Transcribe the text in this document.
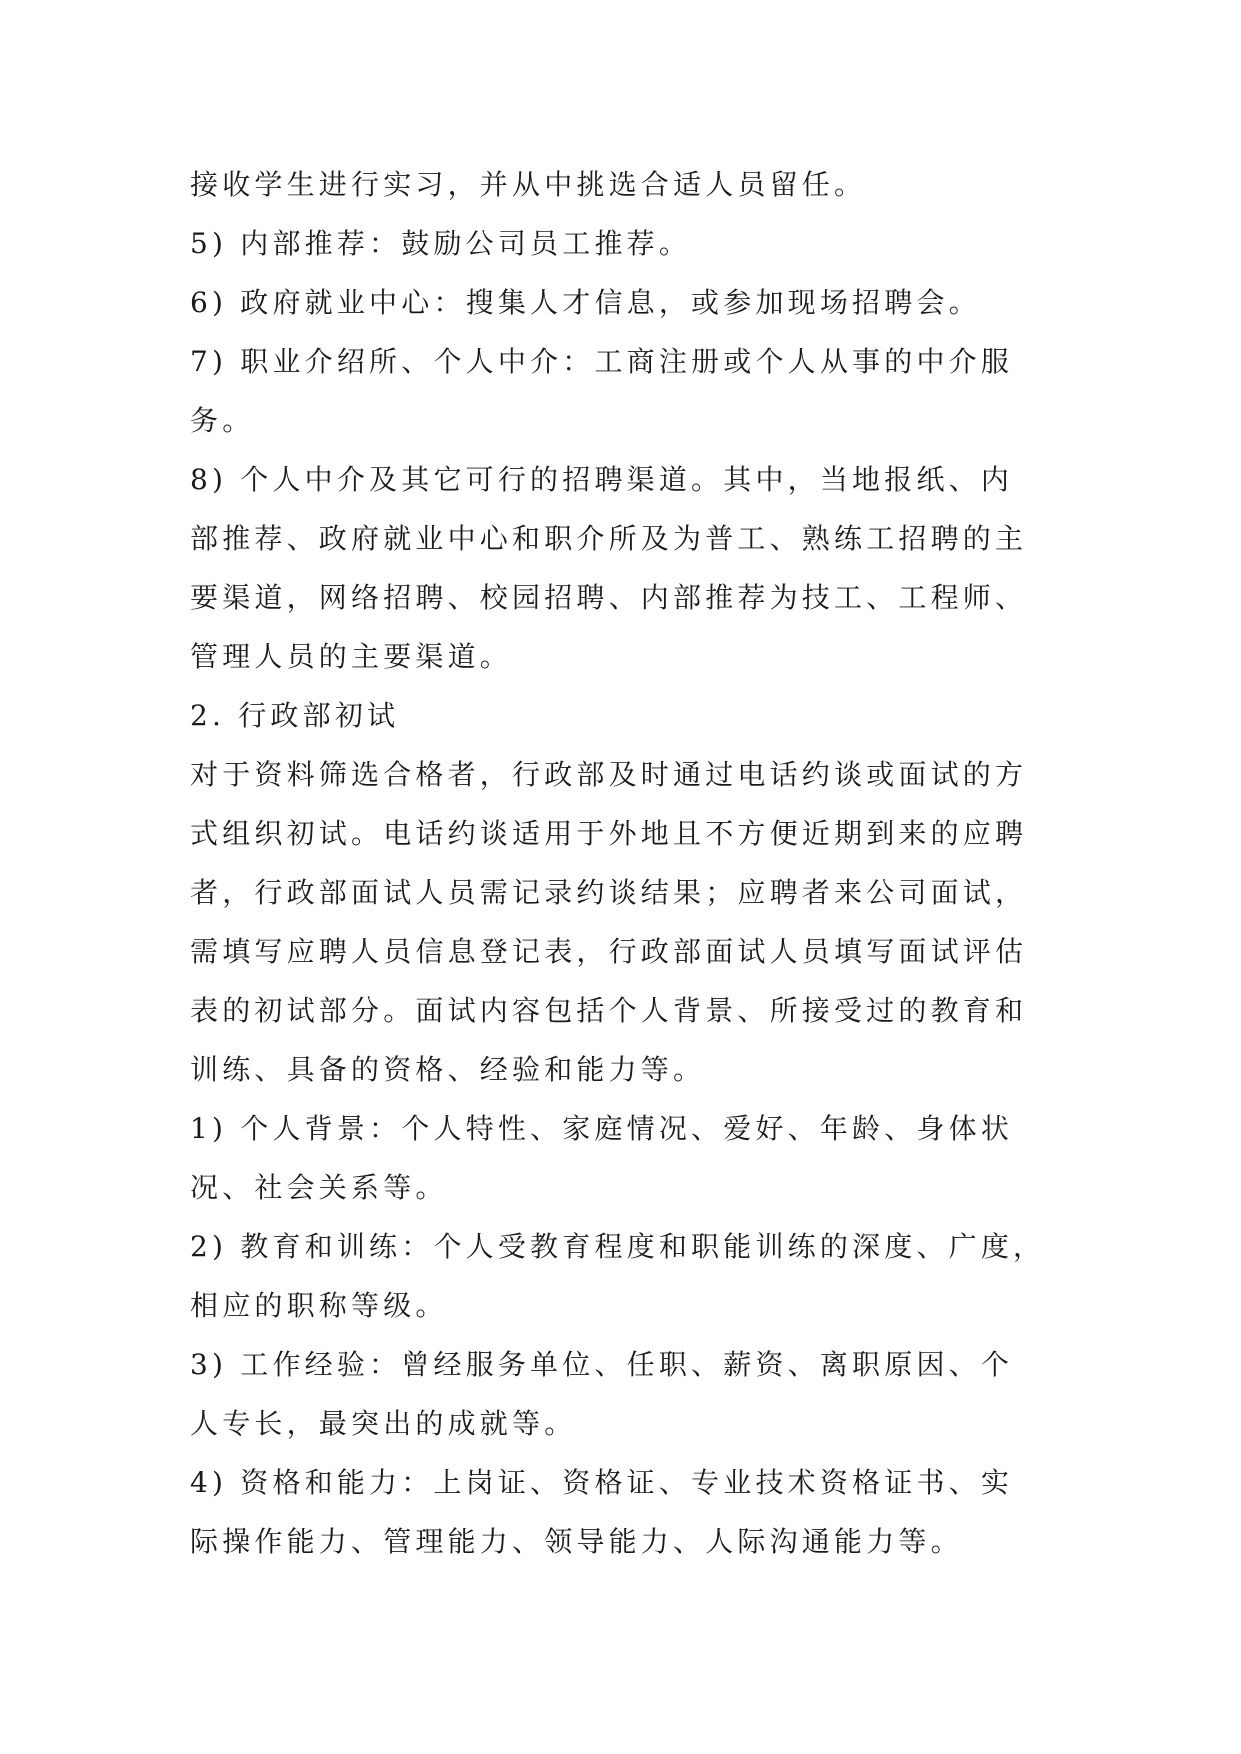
接收学生进行实习，并从中挑选合适人员留任。

5) 内部推荐：鼓励公司员工推荐。

6) 政府就业中心：搜集人才信息，或参加现场招聘会。

7) 职业介绍所、个人中介：工商注册或个人从事的中介服
务。

8) 个人中介及其它可行的招聘渠道。其中，当地报纸、内
部推荐、政府就业中心和职介所及为普工、熟练工招聘的主
要渠道，网络招聘、校园招聘、内部推荐为技工、工程师、
管理人员的主要渠道。

2. 行政部初试

对于资料筛选合格者，行政部及时通过电话约谈或面试的方
式组织初试。电话约谈适用于外地且不方便近期到来的应聘
者，行政部面试人员需记录约谈结果；应聘者来公司面试，
需填写应聘人员信息登记表，行政部面试人员填写面试评估
表的初试部分。面试内容包括个人背景、所接受过的教育和
训练、具备的资格、经验和能力等。

1) 个人背景：个人特性、家庭情况、爱好、年龄、身体状
况、社会关系等。

2) 教育和训练：个人受教育程度和职能训练的深度、广度，
相应的职称等级。

3) 工作经验：曾经服务单位、任职、薪资、离职原因、个
人专长，最突出的成就等。

4) 资格和能力：上岗证、资格证、专业技术资格证书、实
际操作能力、管理能力、领导能力、人际沟通能力等。
